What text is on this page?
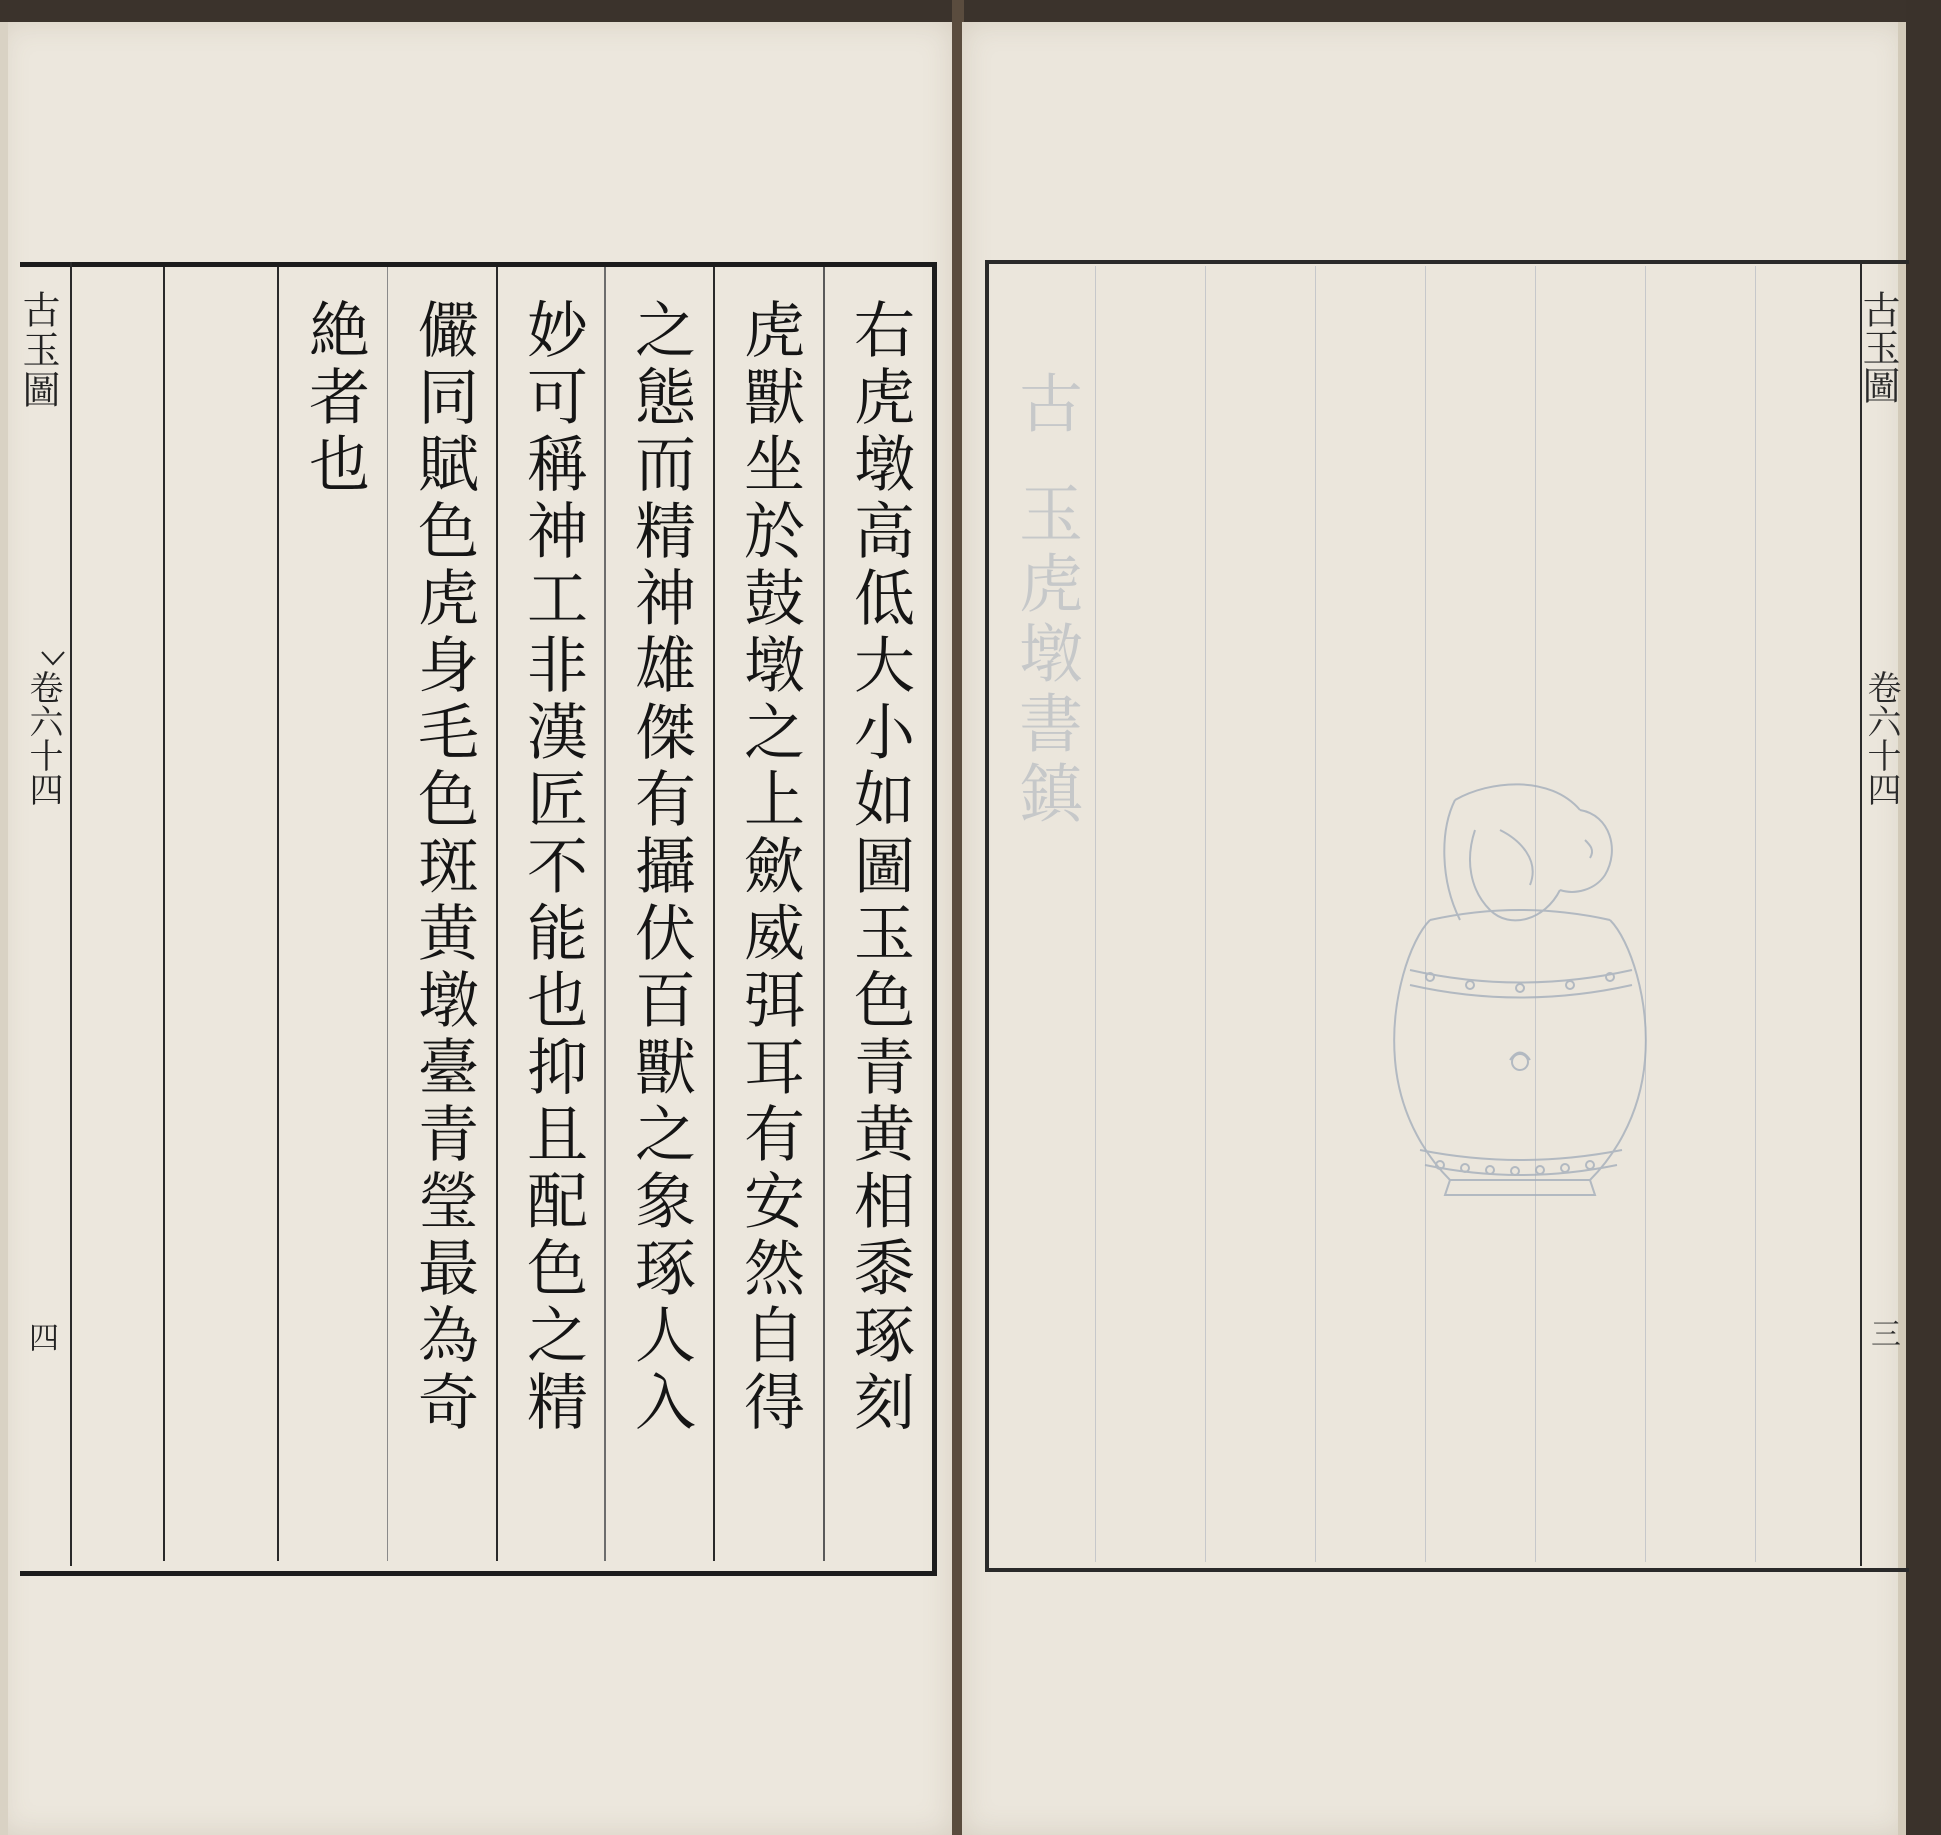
古玉圖
卷六十四
四	右虎墩高低大小如圖玉色青黄相黍琢刻
虎獸坐於鼓墩之上歛威弭耳有安然自得
之態而精神雄傑有攝伏百獸之象琢人入
妙可稱神工非漢匠不能也抑且配色之精
儼同賦色虎身毛色斑黄墩臺青瑩最為奇
絶者也	古
玉虎墩書鎮
古玉圖
卷六十四
三
